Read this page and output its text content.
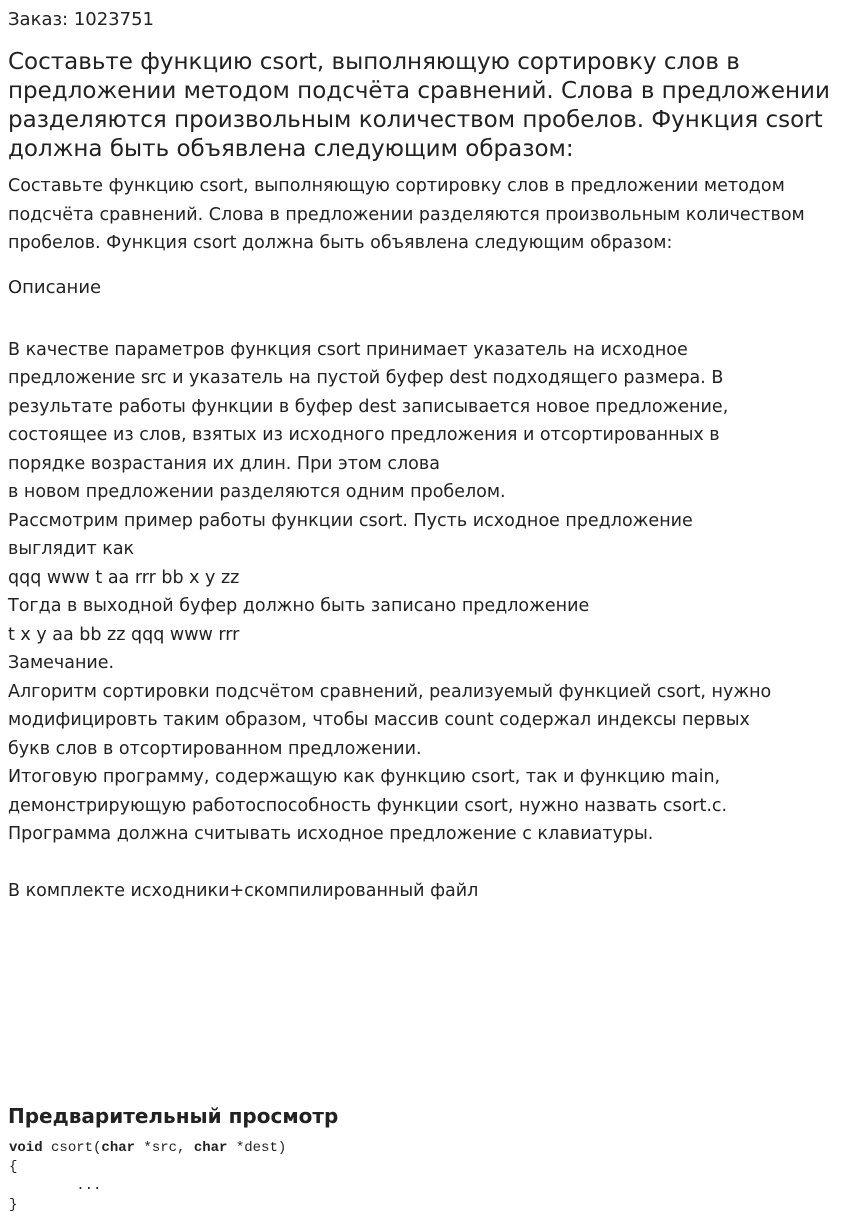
Заказ: 1023751
Составьте функцию csort, выполняющую сортировку слов в предложении методом подсчёта сравнений. Слова в предложении разделяются произвольным количеством пробелов. Функция csort должна быть объявлена следующим образом:

Составьте функцию csort, выполняющую сортировку слов в предложении методом подсчёта сравнений. Слова в предложении разделяются произвольным количеством пробелов. Функция csort должна быть объявлена следующим образом:

Описание
В качестве параметров функция csort принимает указатель на исходное
предложение src и указатель на пустой буфер dest подходящего размера. В
результате работы функции в буфер dest записывается новое предложение,
состоящее из слов, взятых из исходного предложения и отсортированных в
порядке возрастания их длин. При этом слова
в новом предложении разделяются одним пробелом.
Рассмотрим пример работы функции csort. Пусть исходное предложение
выглядит как
qqq www t aa rrr bb x y zz
Тогда в выходной буфер должно быть записано предложение
t x y aa bb zz qqq www rrr
Замечание.
Алгоритм сортировки подсчётом сравнений, реализуемый функцией csort, нужно
модифицировть таким образом, чтобы массив count содержал индексы первых
букв слов в отсортированном предложении.
Итоговую программу, содержащую как функцию csort, так и функцию main,
демонстрирующую работоспособность функции csort, нужно назвать csort.c.
Программа должна считывать исходное предложение с клавиатуры.
В комплекте исходники+скомпилированный файл
Предварительный просмотр
void csort(char *src, char *dest)
{
...
}
